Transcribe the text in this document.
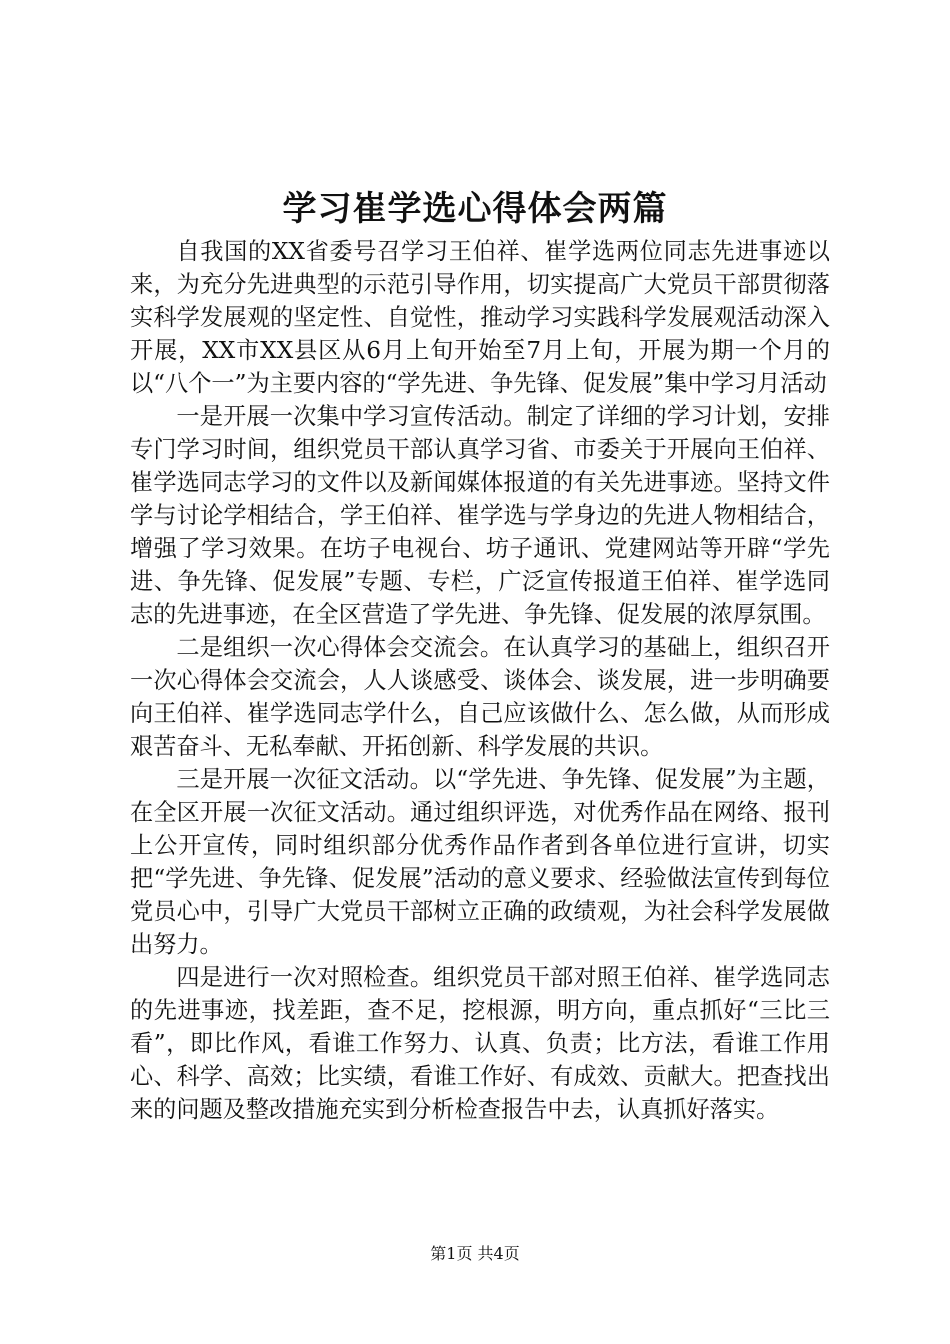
学习崔学选心得体会两篇

自我国的XX省委号召学习王伯祥、崔学选两位同志先进事迹以来，为充分先进典型的示范引导作用，切实提高广大党员干部贯彻落实科学发展观的坚定性、自觉性，推动学习实践科学发展观活动深入开展，XX市XX县区从6月上旬开始至7月上旬，开展为期一个月的以“八个一”为主要内容的“学先进、争先锋、促发展”集中学习月活动

一是开展一次集中学习宣传活动。制定了详细的学习计划，安排专门学习时间，组织党员干部认真学习省、市委关于开展向王伯祥、崔学选同志学习的文件以及新闻媒体报道的有关先进事迹。坚持文件学与讨论学相结合，学王伯祥、崔学选与学身边的先进人物相结合，增强了学习效果。在坊子电视台、坊子通讯、党建网站等开辟“学先进、争先锋、促发展”专题、专栏，广泛宣传报道王伯祥、崔学选同志的先进事迹，在全区营造了学先进、争先锋、促发展的浓厚氛围。

二是组织一次心得体会交流会。在认真学习的基础上，组织召开一次心得体会交流会，人人谈感受、谈体会、谈发展，进一步明确要向王伯祥、崔学选同志学什么，自己应该做什么、怎么做，从而形成艰苦奋斗、无私奉献、开拓创新、科学发展的共识。

三是开展一次征文活动。以“学先进、争先锋、促发展”为主题，在全区开展一次征文活动。通过组织评选，对优秀作品在网络、报刊上公开宣传，同时组织部分优秀作品作者到各单位进行宣讲，切实把“学先进、争先锋、促发展”活动的意义要求、经验做法宣传到每位党员心中，引导广大党员干部树立正确的政绩观，为社会科学发展做出努力。

四是进行一次对照检查。组织党员干部对照王伯祥、崔学选同志的先进事迹，找差距，查不足，挖根源，明方向，重点抓好“三比三看”，即比作风，看谁工作努力、认真、负责；比方法，看谁工作用心、科学、高效；比实绩，看谁工作好、有成效、贡献大。把查找出来的问题及整改措施充实到分析检查报告中去，认真抓好落实。

第1页 共4页
